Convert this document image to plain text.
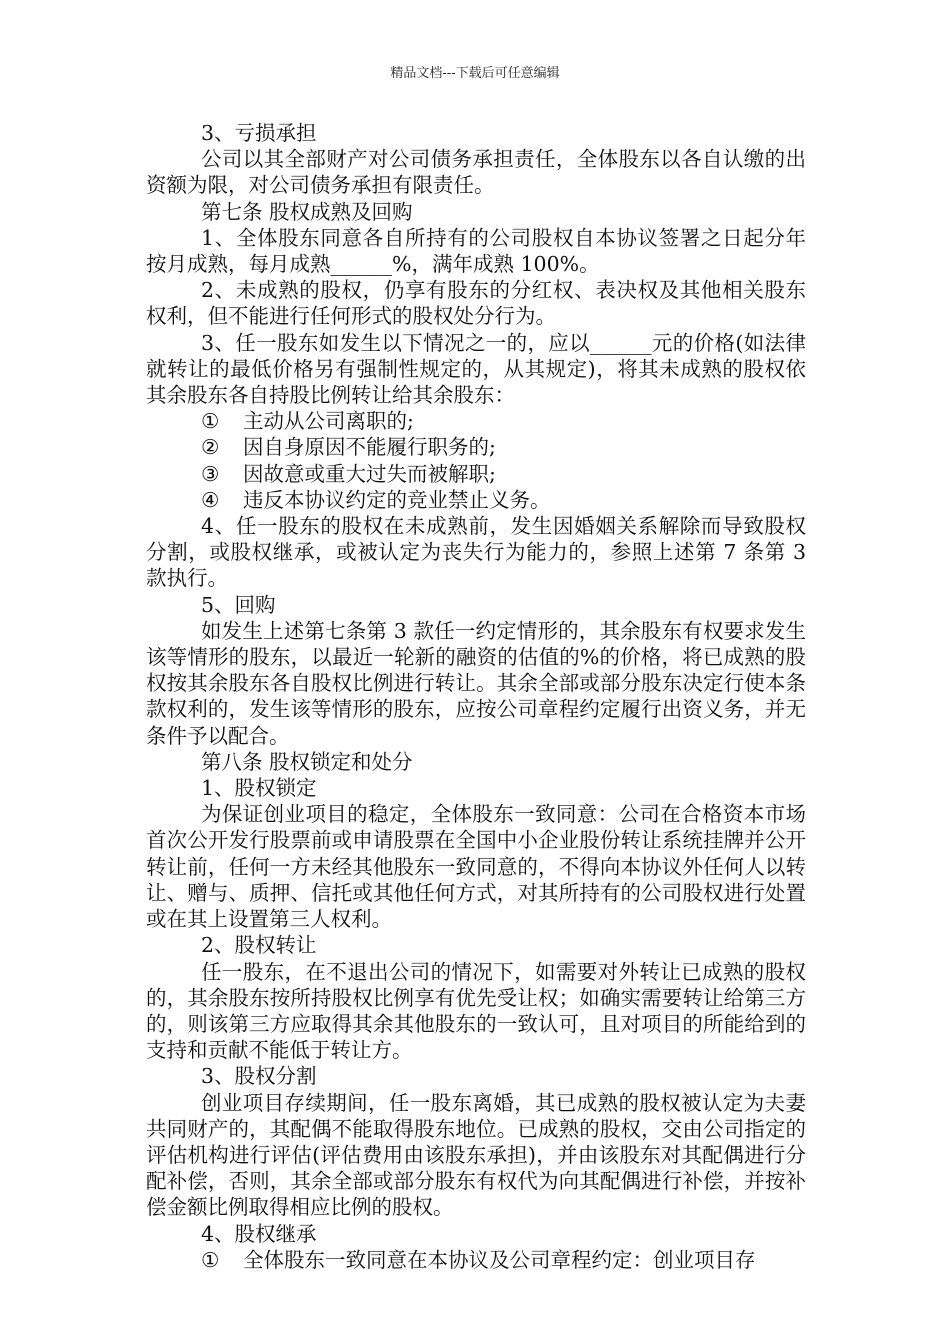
精品文档---下载后可任意编辑

3、亏损承担

公司以其全部财产对公司债务承担责任，全体股东以各自认缴的出资额为限，对公司债务承担有限责任。

第七条 股权成熟及回购

1、全体股东同意各自所持有的公司股权自本协议签署之日起分年按月成熟，每月成熟______%，满年成熟 100%。

2、未成熟的股权，仍享有股东的分红权、表决权及其他相关股东权利，但不能进行任何形式的股权处分行为。

3、任一股东如发生以下情况之一的，应以______元的价格(如法律就转让的最低价格另有强制性规定的，从其规定)，将其未成熟的股权依其余股东各自持股比例转让给其余股东：

① 主动从公司离职的;

② 因自身原因不能履行职务的;

③ 因故意或重大过失而被解职;

④ 违反本协议约定的竞业禁止义务。

4、任一股东的股权在未成熟前，发生因婚姻关系解除而导致股权分割，或股权继承，或被认定为丧失行为能力的，参照上述第 7 条第 3 款执行。

5、回购

如发生上述第七条第 3 款任一约定情形的，其余股东有权要求发生该等情形的股东，以最近一轮新的融资的估值的%的价格，将已成熟的股权按其余股东各自股权比例进行转让。其余全部或部分股东决定行使本条款权利的，发生该等情形的股东，应按公司章程约定履行出资义务，并无条件予以配合。

第八条 股权锁定和处分

1、股权锁定

为保证创业项目的稳定，全体股东一致同意：公司在合格资本市场首次公开发行股票前或申请股票在全国中小企业股份转让系统挂牌并公开转让前，任何一方未经其他股东一致同意的，不得向本协议外任何人以转让、赠与、质押、信托或其他任何方式，对其所持有的公司股权进行处置或在其上设置第三人权利。

2、股权转让

任一股东，在不退出公司的情况下，如需要对外转让已成熟的股权的，其余股东按所持股权比例享有优先受让权；如确实需要转让给第三方的，则该第三方应取得其余其他股东的一致认可，且对项目的所能给到的支持和贡献不能低于转让方。

3、股权分割

创业项目存续期间，任一股东离婚，其已成熟的股权被认定为夫妻共同财产的，其配偶不能取得股东地位。已成熟的股权，交由公司指定的评估机构进行评估(评估费用由该股东承担)，并由该股东对其配偶进行分配补偿，否则，其余全部或部分股东有权代为向其配偶进行补偿，并按补偿金额比例取得相应比例的股权。

4、股权继承

① 全体股东一致同意在本协议及公司章程约定：创业项目存
